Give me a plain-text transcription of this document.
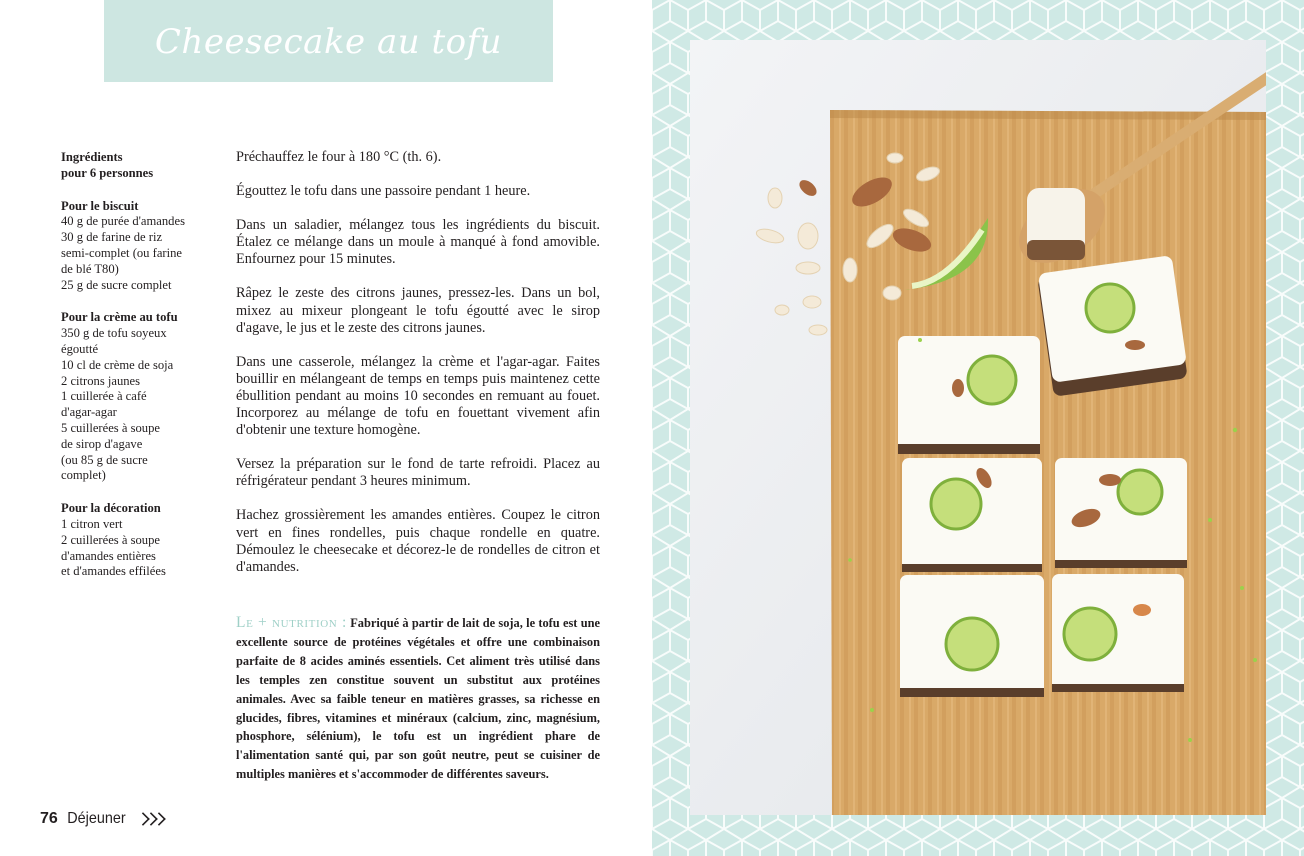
Cheesecake au tofu
Ingrédients
pour 6 personnes
Pour le biscuit
40 g de purée d'amandes
30 g de farine de riz
semi-complet (ou farine
de blé T80)
25 g de sucre complet
Pour la crème au tofu
350 g de tofu soyeux
égoutté
10 cl de crème de soja
2 citrons jaunes
1 cuillerée à café
d'agar-agar
5 cuillerées à soupe
de sirop d'agave
(ou 85 g de sucre
complet)
Pour la décoration
1 citron vert
2 cuillerées à soupe
d'amandes entières
et d'amandes effilées

Préchauffez le four à 180 °C (th. 6).

Égouttez le tofu dans une passoire pendant 1 heure.

Dans un saladier, mélangez tous les ingrédients du biscuit. Étalez ce mélange dans un moule à manqué à fond amovible. Enfournez pour 15 minutes.

Râpez le zeste des citrons jaunes, pressez-les. Dans un bol, mixez au mixeur plongeant le tofu égoutté avec le sirop d'agave, le jus et le zeste des citrons jaunes.

Dans une casserole, mélangez la crème et l'agar-agar. Faites bouillir en mélangeant de temps en temps puis maintenez cette ébullition pendant au moins 10 secondes en remuant au fouet. Incorporez au mélange de tofu en fouettant vivement afin d'obtenir une texture homogène.

Versez la préparation sur le fond de tarte refroidi. Placez au réfrigérateur pendant 3 heures minimum.

Hachez grossièrement les amandes entières. Coupez le citron vert en fines rondelles, puis chaque rondelle en quatre. Démoulez le cheesecake et décorez-le de rondelles de citron et d'amandes.

Le + nutrition : Fabriqué à partir de lait de soja, le tofu est une excellente source de protéines végétales et offre une combinaison parfaite de 8 acides aminés essentiels. Cet aliment très utilisé dans les temples zen constitue souvent un substitut aux protéines animales. Avec sa faible teneur en matières grasses, sa richesse en glucides, fibres, vitamines et minéraux (calcium, zinc, magnésium, phosphore, sélénium), le tofu est un ingrédient phare de l'alimentation santé qui, par son goût neutre, peut se cuisiner de multiples manières et s'accommoder de différentes saveurs.
76 Déjeuner
